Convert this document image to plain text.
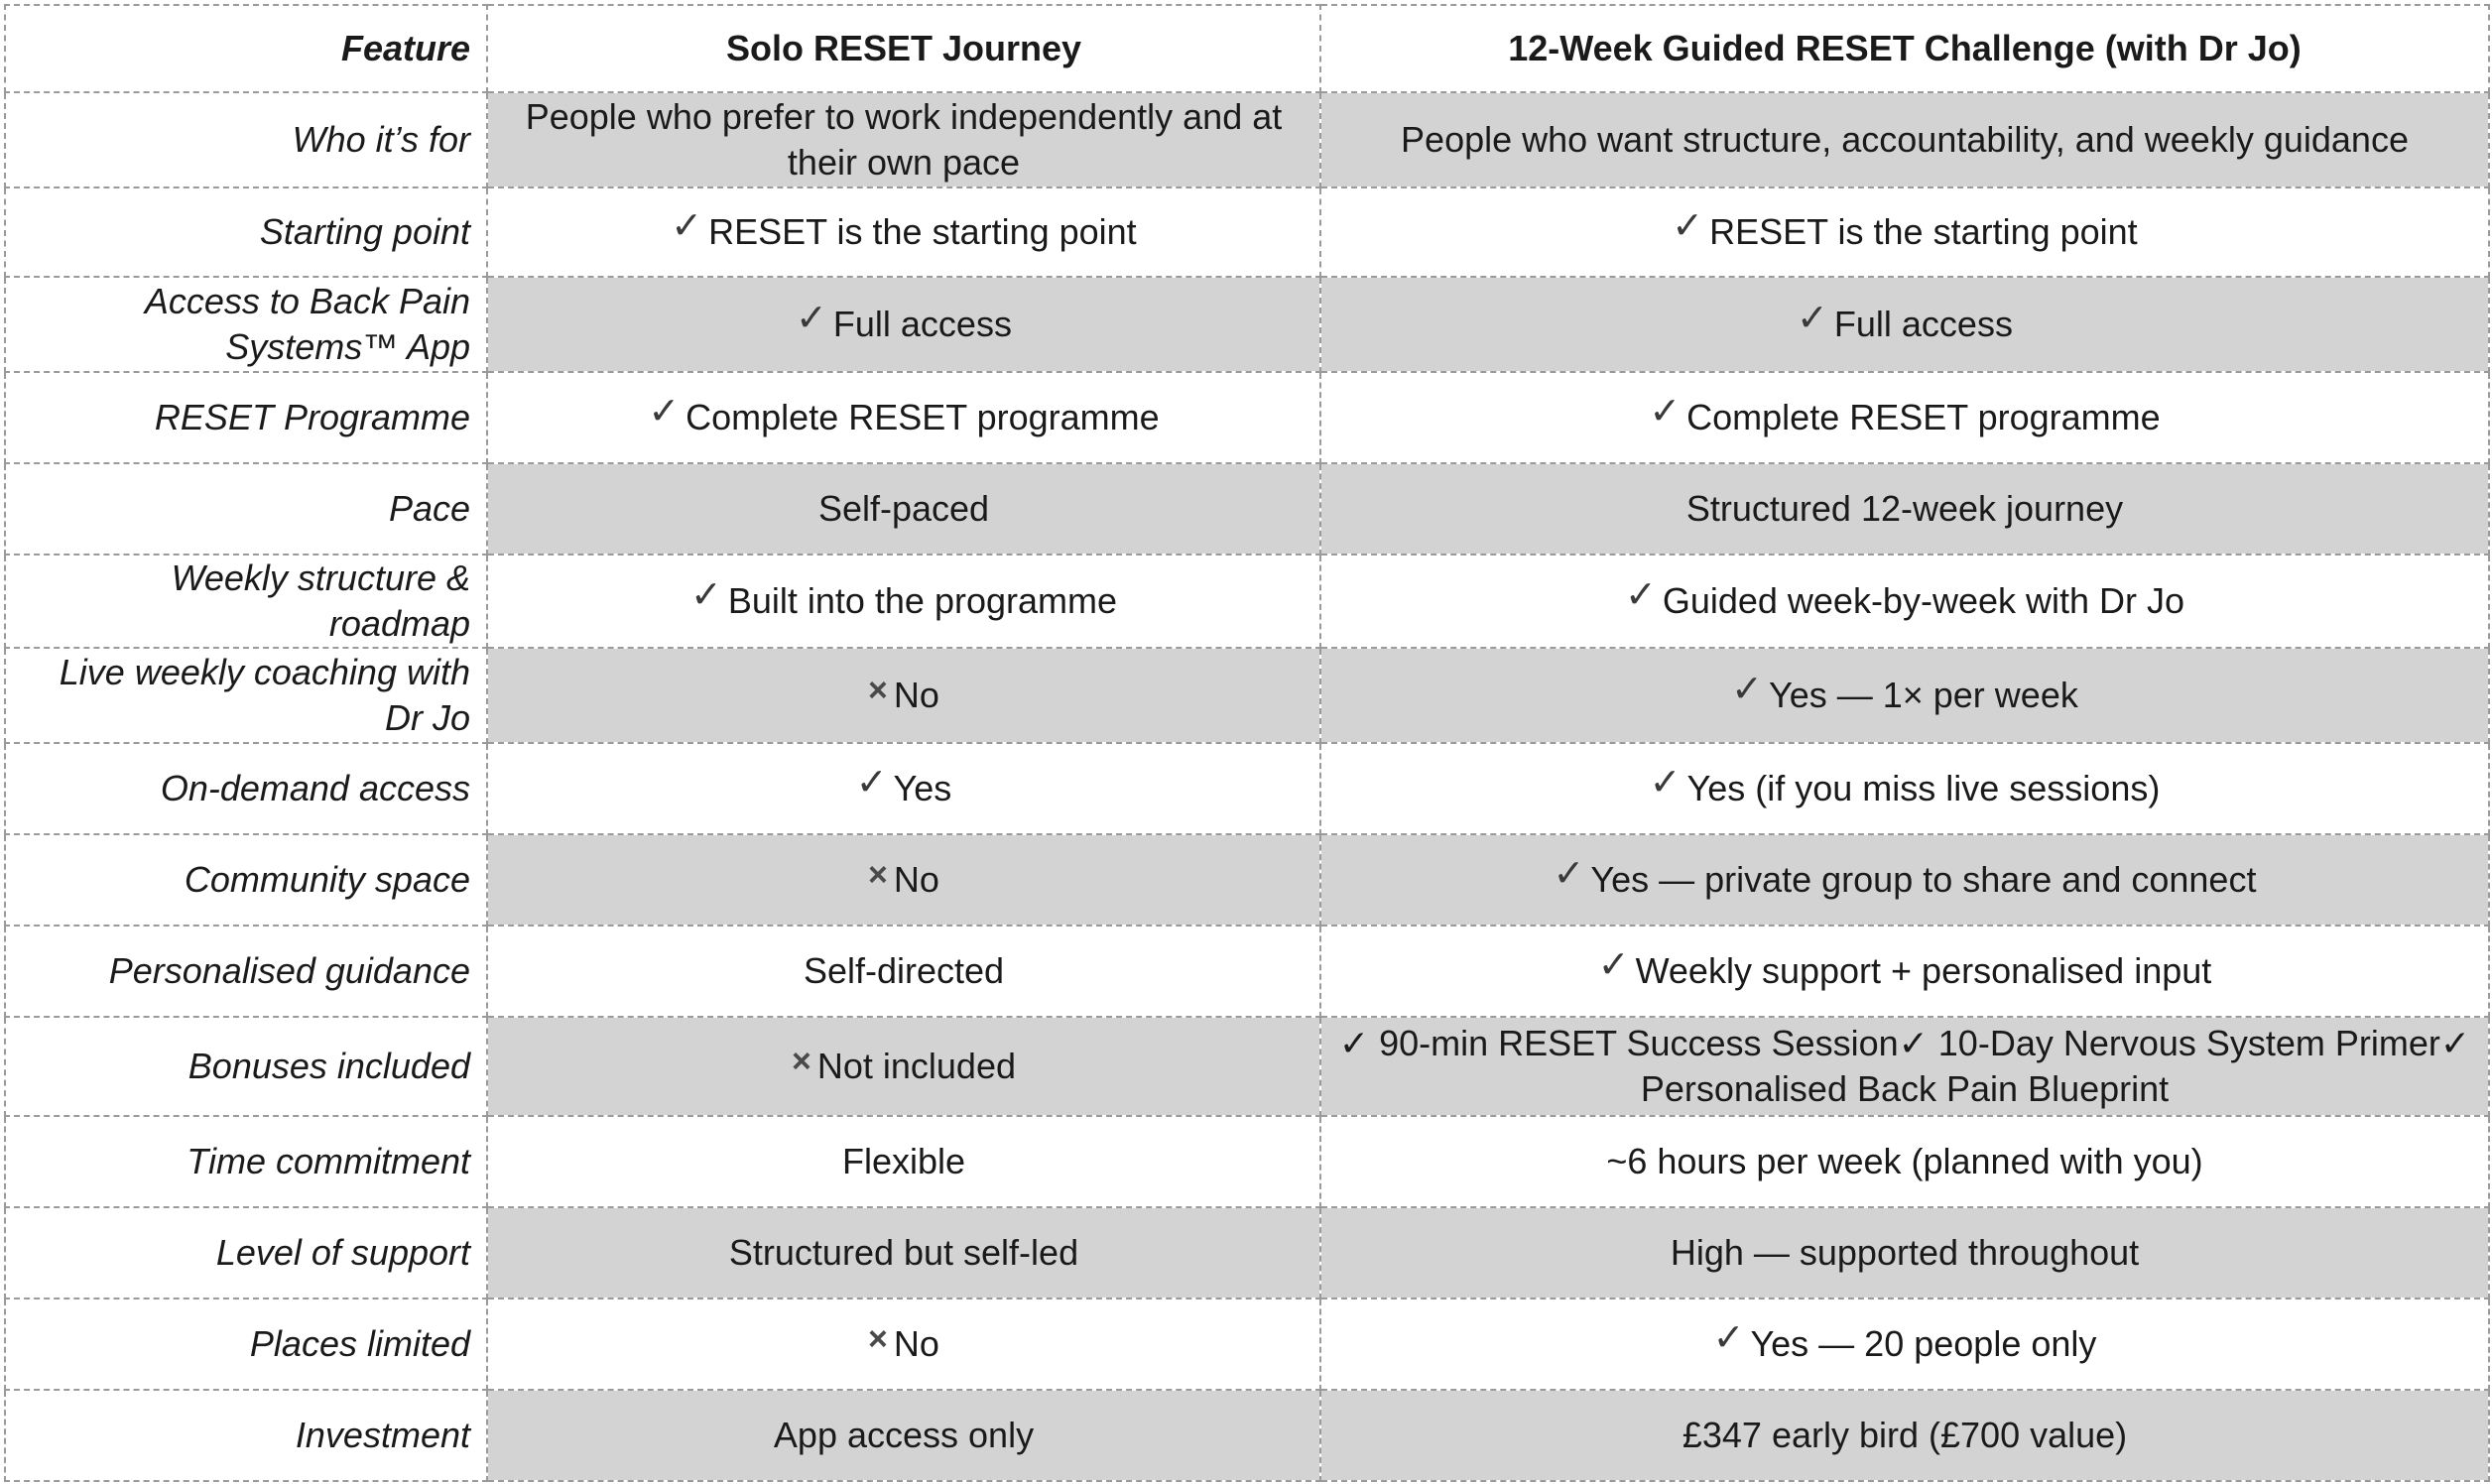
Feature	Solo RESET Journey	12-Week Guided RESET Challenge (with Dr Jo)
Who it’s for	People who prefer to work independently and at their own pace	People who want structure, accountability, and weekly guidance
Starting point	✓ RESET is the starting point	✓ RESET is the starting point
Access to Back Pain Systems™ App	✓ Full access	✓ Full access
RESET Programme	✓ Complete RESET programme	✓ Complete RESET programme
Pace	Self-paced	Structured 12-week journey
Weekly structure & roadmap	✓ Built into the programme	✓ Guided week-by-week with Dr Jo
Live weekly coaching with Dr Jo	× No	✓ Yes — 1× per week
On-demand access	✓ Yes	✓ Yes (if you miss live sessions)
Community space	× No	✓ Yes — private group to share and connect
Personalised guidance	Self-directed	✓ Weekly support + personalised input
Bonuses included	× Not included	✓ 90-min RESET Success Session✓ 10-Day Nervous System Primer✓ Personalised Back Pain Blueprint
Time commitment	Flexible	~6 hours per week (planned with you)
Level of support	Structured but self-led	High — supported throughout
Places limited	× No	✓ Yes — 20 people only
Investment	App access only	£347 early bird (£700 value)
